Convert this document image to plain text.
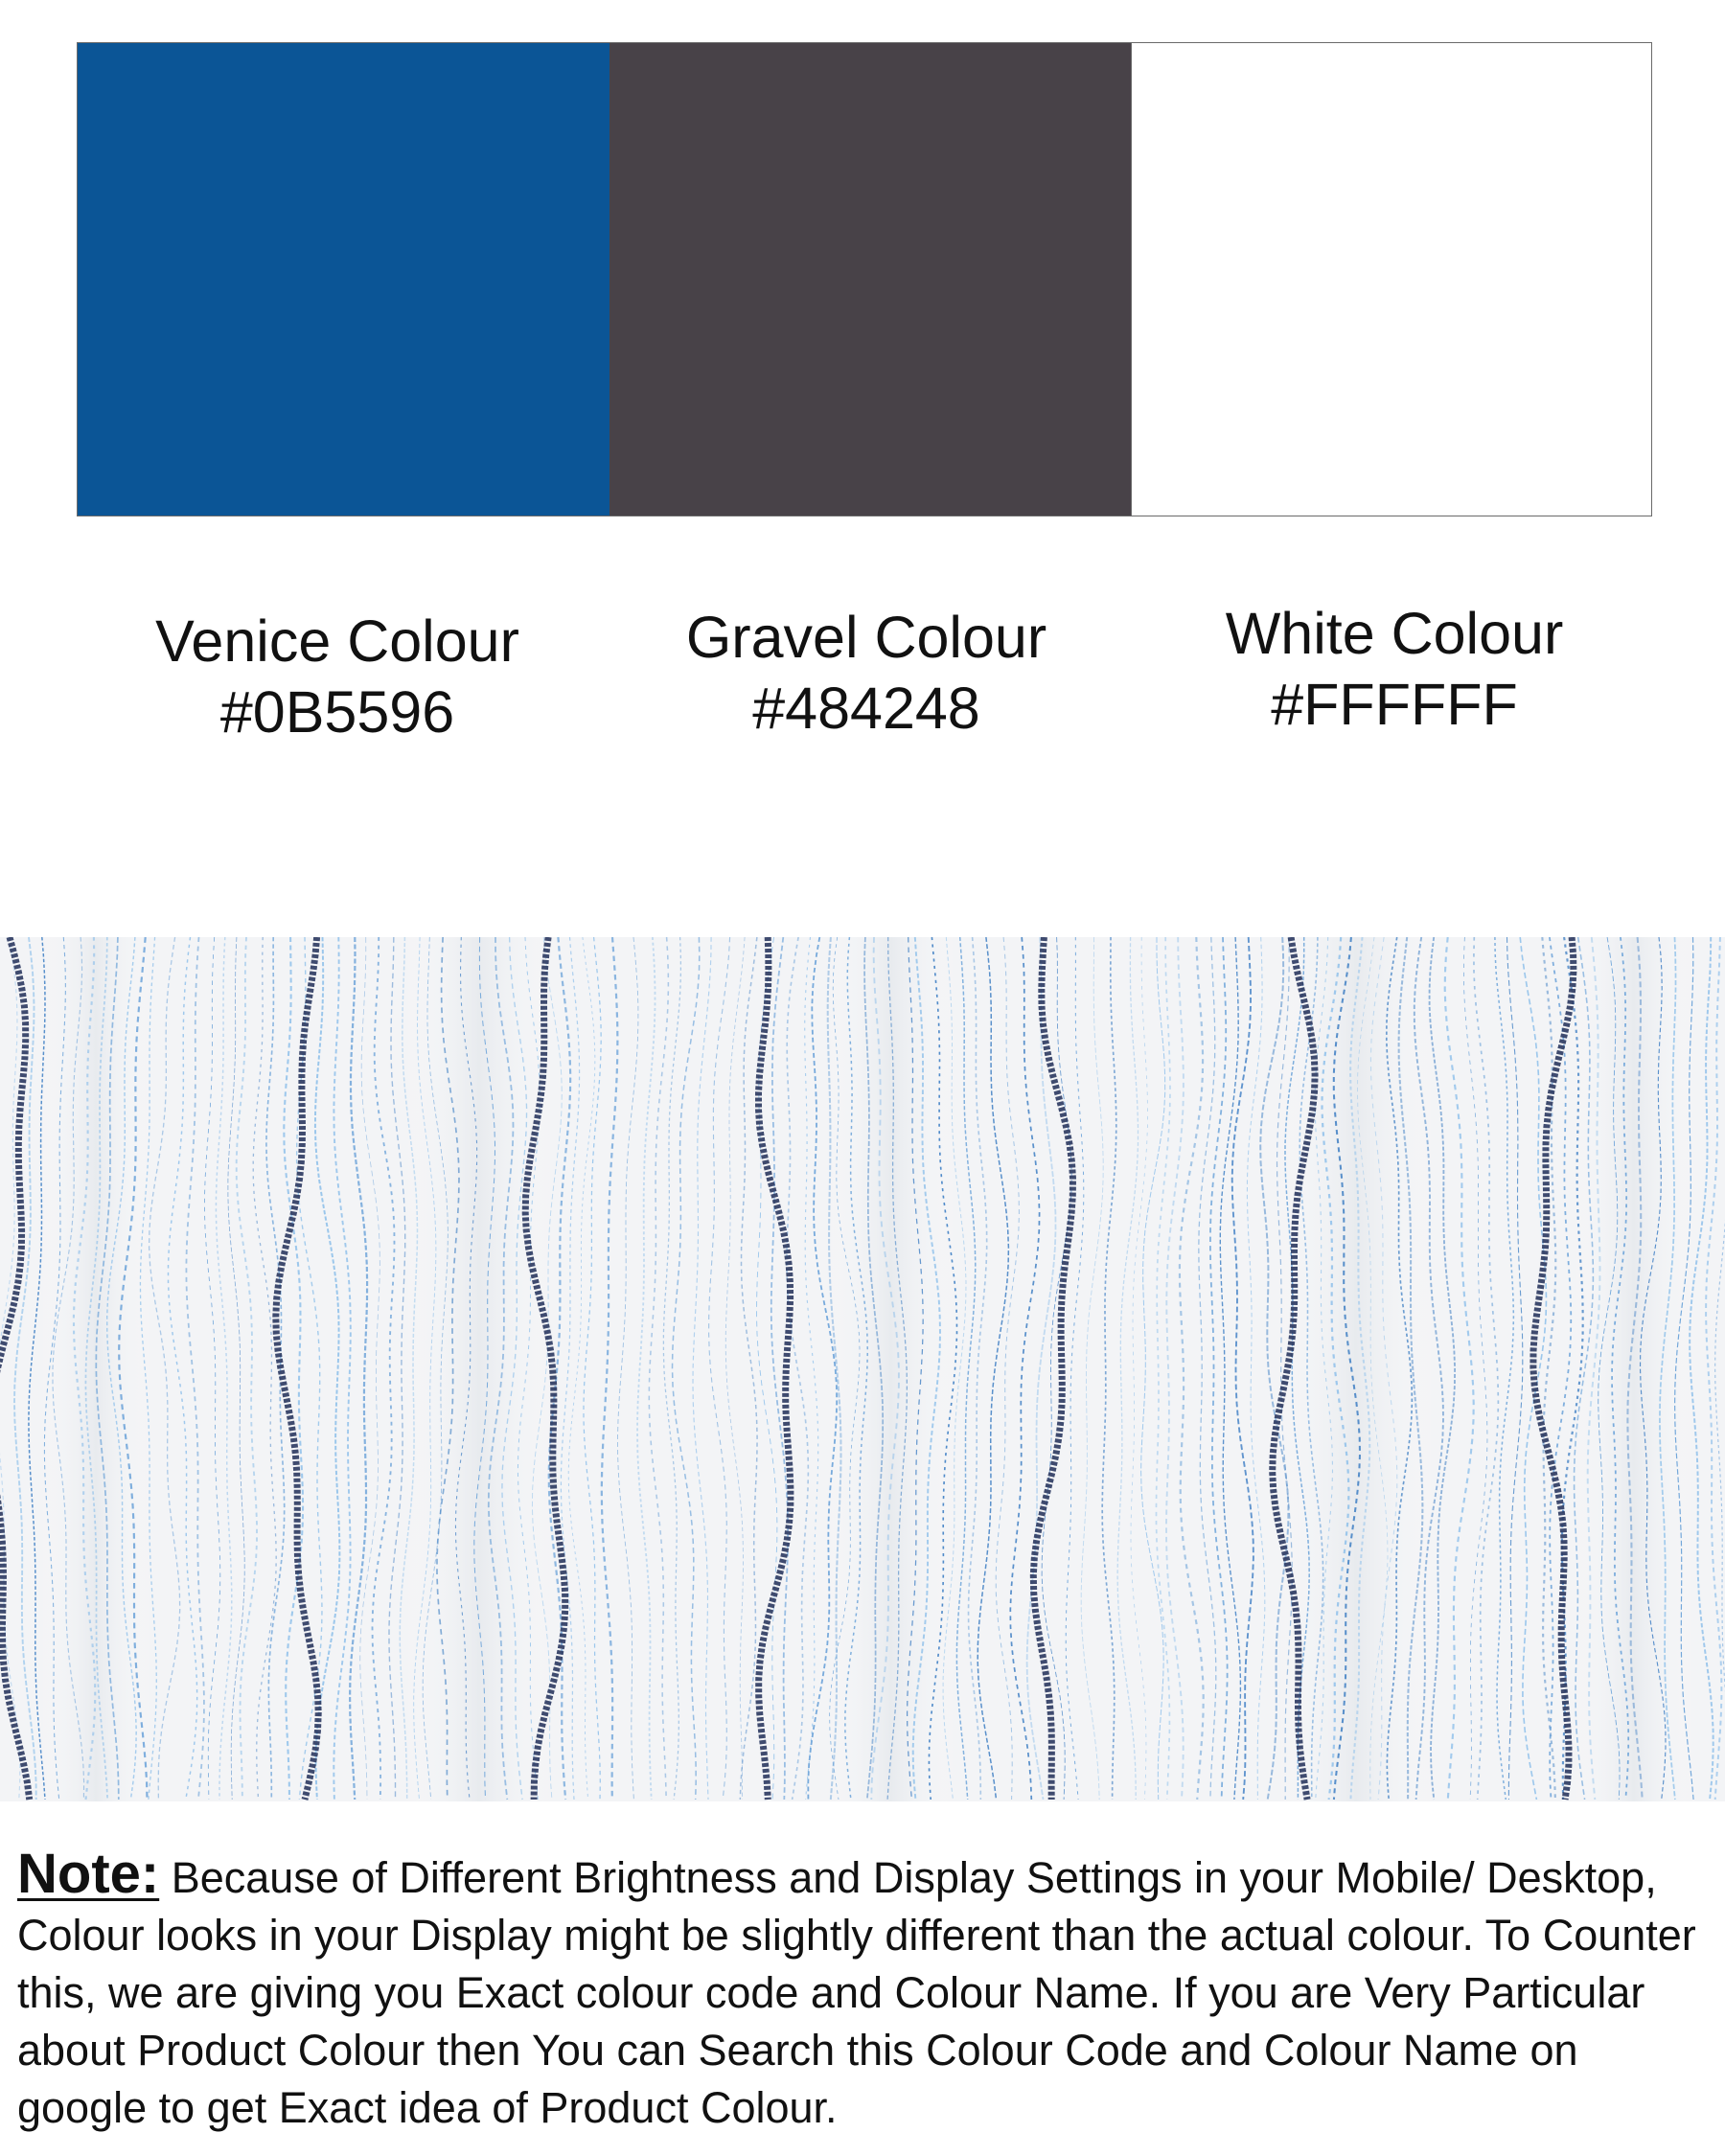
Venice Colour
#0B5596
Gravel Colour
#484248
White Colour
#FFFFFF
Note: Because of Different Brightness and Display Settings in your Mobile/ Desktop, Colour looks in your Display might be slightly different than the actual colour. To Counter this, we are giving you Exact colour code and Colour Name. If you are Very Particular about Product Colour then You can Search this Colour Code and Colour Name on google to get Exact idea of Product Colour.
